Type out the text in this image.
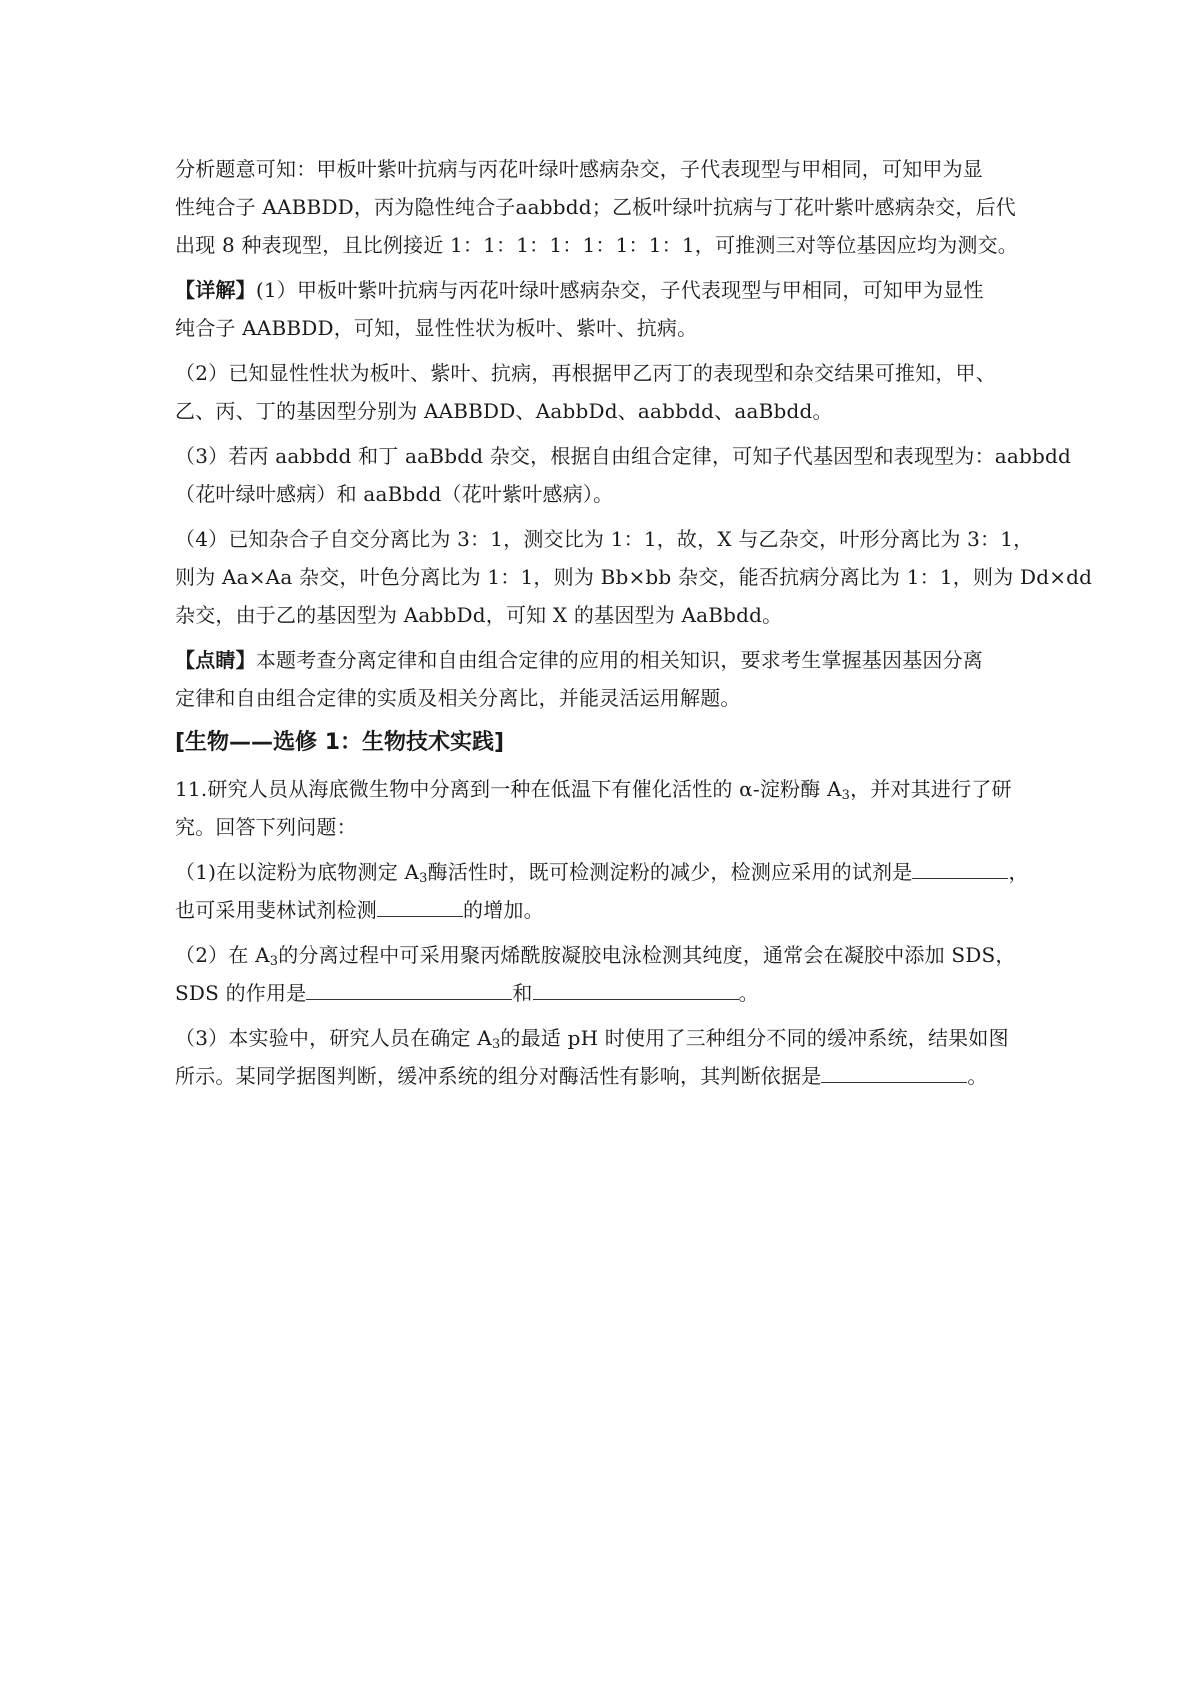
分析题意可知：甲板叶紫叶抗病与丙花叶绿叶感病杂交，子代表现型与甲相同，可知甲为显
性纯合子 AABBDD，丙为隐性纯合子aabbdd；乙板叶绿叶抗病与丁花叶紫叶感病杂交，后代
出现 8 种表现型，且比例接近 1：1：1：1：1：1：1：1，可推测三对等位基因应均为测交。

【详解】(1）甲板叶紫叶抗病与丙花叶绿叶感病杂交，子代表现型与甲相同，可知甲为显性
纯合子 AABBDD，可知，显性性状为板叶、紫叶、抗病。

（2）已知显性性状为板叶、紫叶、抗病，再根据甲乙丙丁的表现型和杂交结果可推知，甲、
乙、丙、丁的基因型分别为 AABBDD、AabbDd、aabbdd、aaBbdd。

（3）若丙 aabbdd 和丁 aaBbdd 杂交，根据自由组合定律，可知子代基因型和表现型为：aabbdd
（花叶绿叶感病）和 aaBbdd（花叶紫叶感病）。

（4）已知杂合子自交分离比为 3：1，测交比为 1：1，故，X 与乙杂交，叶形分离比为 3：1，
则为 Aa×Aa 杂交，叶色分离比为 1：1，则为 Bb×bb 杂交，能否抗病分离比为 1：1，则为 Dd×dd
杂交，由于乙的基因型为 AabbDd，可知 X 的基因型为 AaBbdd。

【点睛】本题考查分离定律和自由组合定律的应用的相关知识，要求考生掌握基因基因分离
定律和自由组合定律的实质及相关分离比，并能灵活运用解题。

[生物——选修 1：生物技术实践]

11.研究人员从海底微生物中分离到一种在低温下有催化活性的 α-淀粉酶 $A_3$，并对其进行了研
究。回答下列问题：

（1)在以淀粉为底物测定 $A_3$酶活性时，既可检测淀粉的减少，检测应采用的试剂是	，
也可采用斐林试剂检测	的增加。

（2）在 $A_3$的分离过程中可采用聚丙烯酰胺凝胶电泳检测其纯度，通常会在凝胶中添加 SDS，
SDS 的作用是	和	。

（3）本实验中，研究人员在确定 $A_3$的最适 pH 时使用了三种组分不同的缓冲系统，结果如图
所示。某同学据图判断，缓冲系统的组分对酶活性有影响，其判断依据是	。
